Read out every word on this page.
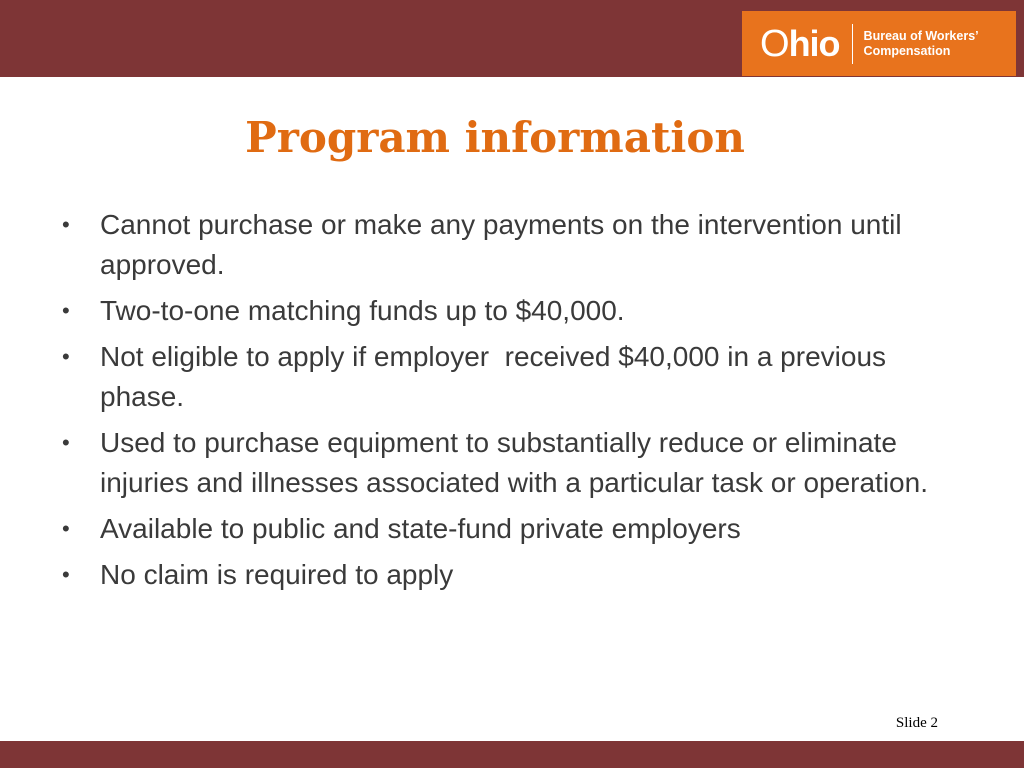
Ohio Bureau of Workers’
Compensation
Program information
• Cannot purchase or make any payments on the intervention until approved.
• Two-to-one matching funds up to $40,000.
• Not eligible to apply if employer  received $40,000 in a previous phase.
• Used to purchase equipment to substantially reduce or eliminate injuries and illnesses associated with a particular task or operation.
• Available to public and state-fund private employers
• No claim is required to apply
Slide 2
